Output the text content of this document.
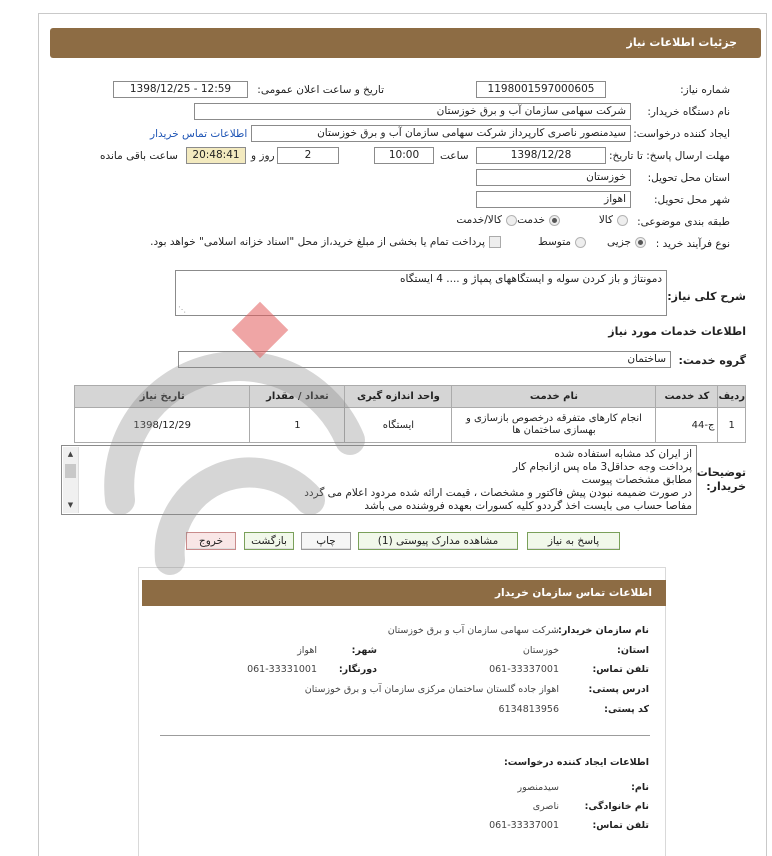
جزئیات اطلاعات نیاز
شماره نیاز:
1198001597000605
تاریخ و ساعت اعلان عمومی:
1398/12/25 - 12:59
نام دستگاه خریدار:
شرکت سهامی سازمان آب و برق خوزستان
ایجاد کننده درخواست:
سیدمنصور ناصری کارپرداز شرکت سهامی سازمان آب و برق خوزستان
اطلاعات تماس خریدار
مهلت ارسال پاسخ: تا تاریخ:
1398/12/28
ساعت
10:00
2
روز و
20:48:41
ساعت باقی مانده
استان محل تحویل:
خوزستان
شهر محل تحویل:
اهواز
طبقه بندی موضوعی:
کالا
خدمت
کالا/خدمت
نوع فرآیند خرید :
جزیی
متوسط
پرداخت تمام یا بخشی از مبلغ خرید،از محل "اسناد خزانه اسلامی" خواهد بود.
شرح کلی نیاز:
دمونتاژ و باز کردن سوله و ایستگاههای پمپاژ و .... 4 ایستگاه
⋰
اطلاعات خدمات مورد نیاز
گروه خدمت:
ساختمان
ردیف	کد خدمت	نام خدمت	واحد اندازه گیری	تعداد / مقدار	تاریخ نیاز
1	ج-44	انجام کارهای متفرقه درخصوص بازسازی و بهسازی ساختمان ها	ایستگاه	1	1398/12/29
توضیحات خریدار:
از ایران کد مشابه استفاده شده
پرداخت وجه حداقل3 ماه پس ازانجام کار
مطابق مشخصات پیوست
در صورت ضمیمه نبودن پیش فاکتور و مشخصات ، قیمت ارائه شده مردود اعلام می گردد
مفاصا حساب می بایست اخذ گرددو کلیه کسورات بعهده فروشنده می باشد
▲
▼
پاسخ به نیاز
مشاهده مدارک پیوستی (1)
چاپ
بازگشت
خروج
اطلاعات تماس سازمان خریدار
نام سازمان خریدار:
شرکت سهامی سازمان آب و برق خوزستان
استان:
خوزستان
شهر:
اهواز
تلفن تماس:
061-33337001
دورنگار:
061-33331001
ادرس پستی:
اهواز جاده گلستان ساختمان مرکزی سازمان آب و برق خوزستان
کد پستی:
6134813956
اطلاعات ایجاد کننده درخواست:
نام:
سیدمنصور
نام خانوادگی:
ناصری
تلفن تماس:
061-33337001
